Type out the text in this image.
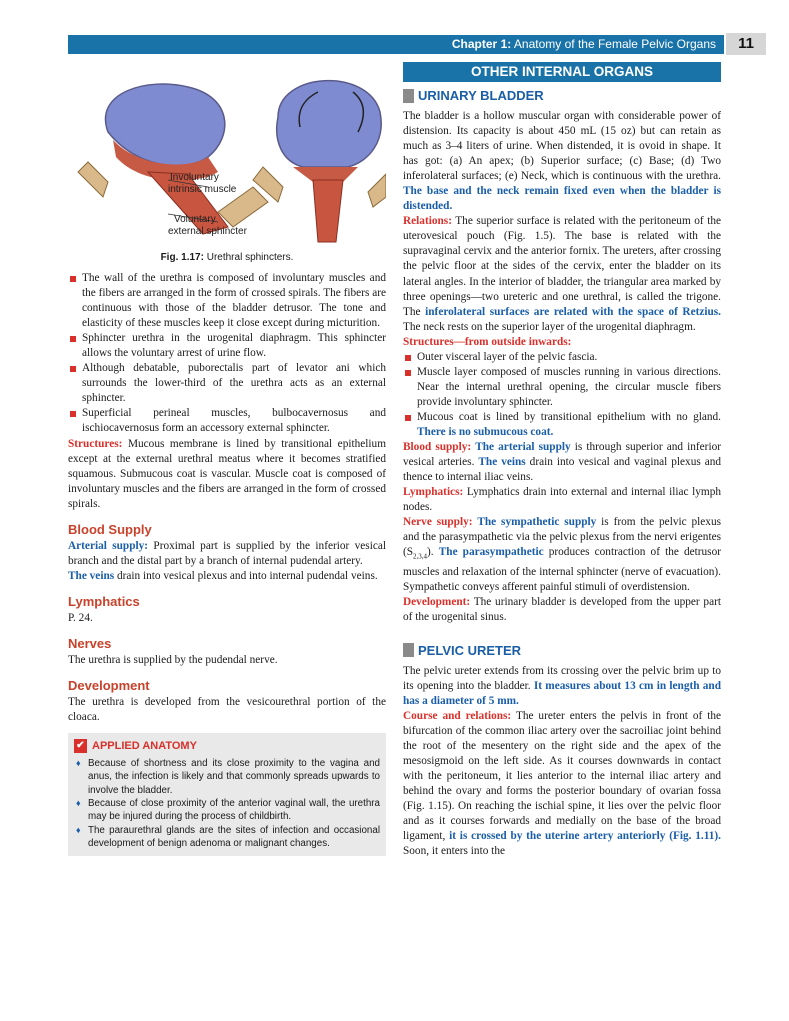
Chapter 1: Anatomy of the Female Pelvic Organs	11
Involuntary
intrinsic muscle
Voluntary
external sphincter
Fig. 1.17: Urethral sphincters.
The wall of the urethra is composed of involuntary muscles and the fibers are arranged in the form of crossed spirals. The fibers are continuous with those of the bladder detrusor. The tone and elasticity of these muscles keep it close except during micturition.
Sphincter urethra in the urogenital diaphragm. This sphincter allows the voluntary arrest of urine flow.
Although debatable, puborectalis part of levator ani which surrounds the lower-third of the urethra acts as an external sphincter.
Superficial perineal muscles, bulbocavernosus and ischiocavernosus form an accessory external sphincter.

Structures: Mucous membrane is lined by transitional epithelium except at the external urethral meatus where it becomes stratified squamous. Submucous coat is vascular. Muscle coat is composed of involuntary muscles and the fibers are arranged in the form of crossed spirals.

Blood Supply

Arterial supply: Proximal part is supplied by the inferior vesical branch and the distal part by a branch of internal pudendal artery.

The veins drain into vesical plexus and into internal pudendal veins.

Lymphatics

P. 24.

Nerves

The urethra is supplied by the pudendal nerve.

Development

The urethra is developed from the vesicourethral portion of the cloaca.

✔ APPLIED ANATOMY
♦ Because of shortness and its close proximity to the vagina and anus, the infection is likely and that commonly spreads upwards to involve the bladder.
♦ Because of close proximity of the anterior vaginal wall, the urethra may be injured during the process of childbirth.
♦ The paraurethral glands are the sites of infection and occasional development of benign adenoma or malignant changes.
OTHER INTERNAL ORGANS
URINARY BLADDER

The bladder is a hollow muscular organ with considerable power of distension. Its capacity is about 450 mL (15 oz) but can retain as much as 3–4 liters of urine. When distended, it is ovoid in shape. It has got: (a) An apex; (b) Superior surface; (c) Base; (d) Two inferolateral surfaces; (e) Neck, which is continuous with the urethra. The base and the neck remain fixed even when the bladder is distended.

Relations: The superior surface is related with the peritoneum of the uterovesical pouch (Fig. 1.5). The base is related with the supravaginal cervix and the anterior fornix. The ureters, after crossing the pelvic floor at the sides of the cervix, enter the bladder on its lateral angles. In the interior of bladder, the triangular area marked by three openings—two ureteric and one urethral, is called the trigone. The inferolateral surfaces are related with the space of Retzius. The neck rests on the superior layer of the urogenital diaphragm.

Structures—from outside inwards:

Outer visceral layer of the pelvic fascia.
Muscle layer composed of muscles running in various directions. Near the internal urethral opening, the circular muscle fibers provide involuntary sphincter.
Mucous coat is lined by transitional epithelium with no gland. There is no submucous coat.

Blood supply: The arterial supply is through superior and inferior vesical arteries. The veins drain into vesical and vaginal plexus and thence to internal iliac veins.

Lymphatics: Lymphatics drain into external and internal iliac lymph nodes.

Nerve supply: The sympathetic supply is from the pelvic plexus and the parasympathetic via the pelvic plexus from the nervi erigentes $(S_{2,3,4})$. The parasympathetic produces contraction of the detrusor muscles and relaxation of the internal sphincter (nerve of evacuation). Sympathetic conveys afferent painful stimuli of overdistension.

Development: The urinary bladder is developed from the upper part of the urogenital sinus.

PELVIC URETER

The pelvic ureter extends from its crossing over the pelvic brim up to its opening into the bladder. It measures about 13 cm in length and has a diameter of 5 mm.

Course and relations: The ureter enters the pelvis in front of the bifurcation of the common iliac artery over the sacroiliac joint behind the root of the mesentery on the right side and the apex of the mesosigmoid on the left side. As it courses downwards in contact with the peritoneum, it lies anterior to the internal iliac artery and behind the ovary and forms the posterior boundary of ovarian fossa (Fig. 1.15). On reaching the ischial spine, it lies over the pelvic floor and as it courses forwards and medially on the base of the broad ligament, it is crossed by the uterine artery anteriorly (Fig. 1.11). Soon, it enters into the
